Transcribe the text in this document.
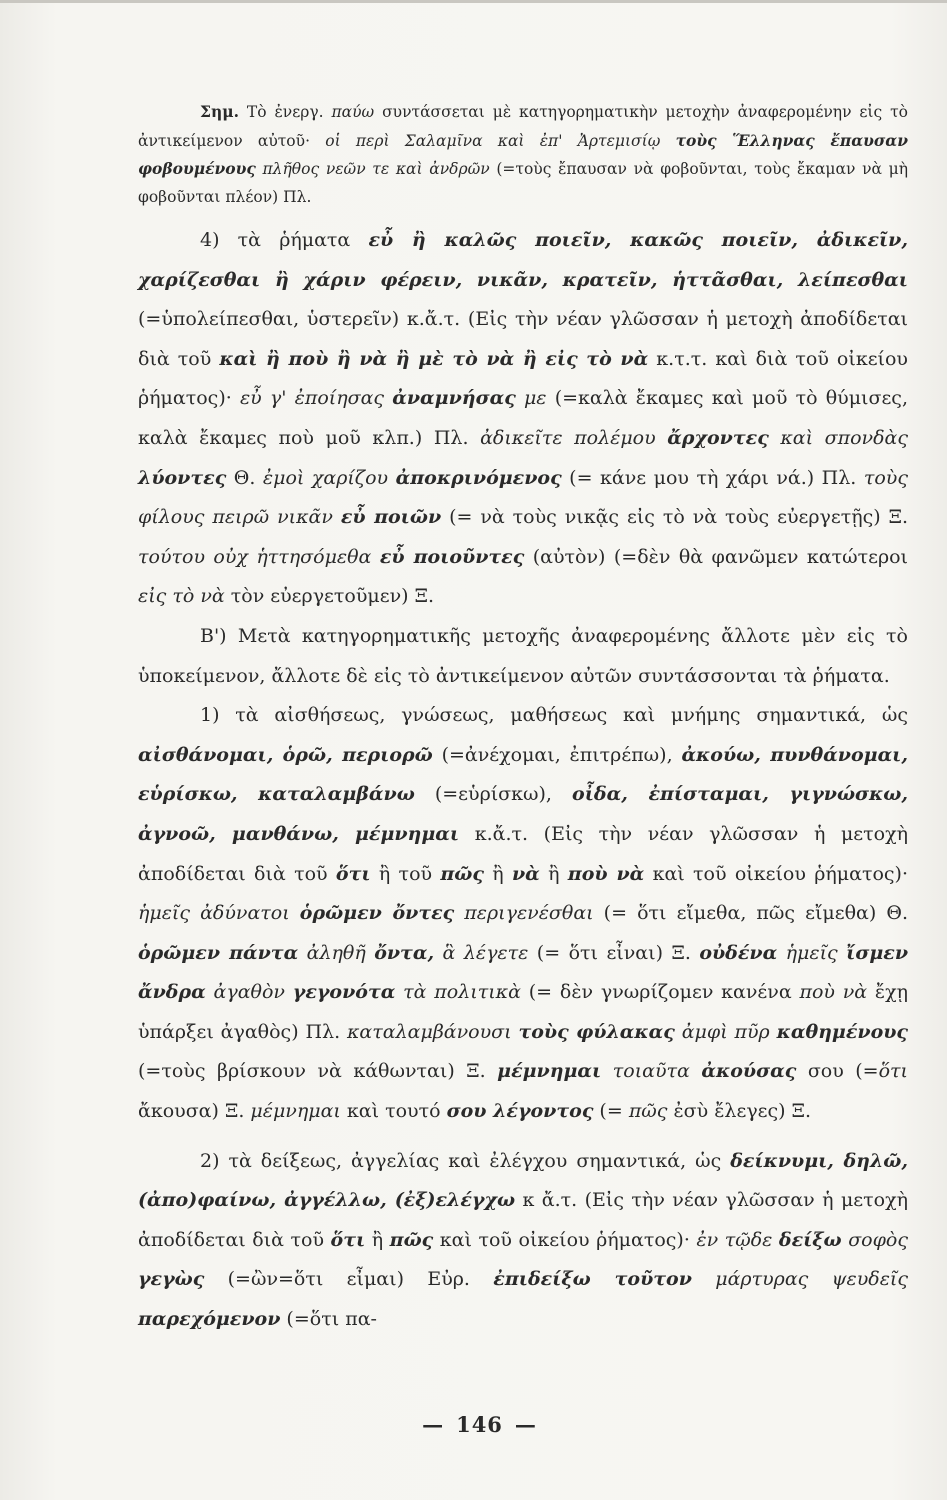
Σημ. Τὸ ἐνεργ. παύω συντάσσεται μὲ κατηγορηματικὴν μετοχὴν ἀναφερομένην εἰς τὸ ἀντικείμενον αὐτοῦ· οἱ περὶ Σαλαμῖνα καὶ ἐπ' Ἀρτεμισίῳ τοὺς Ἕλληνας ἔπαυσαν φοβουμένους πλῆθος νεῶν τε καὶ ἀνδρῶν (=τοὺς ἔπαυσαν νὰ φοβοῦνται, τοὺς ἔκαμαν νὰ μὴ φοβοῦνται πλέον) Πλ.

4) τὰ ῥήματα εὖ ἢ καλῶς ποιεῖν, κακῶς ποιεῖν, ἀδικεῖν, χαρίζεσθαι ἢ χάριν φέρειν, νικᾶν, κρατεῖν, ἡττᾶσθαι, λείπεσθαι (=ὑπολείπεσθαι, ὑστερεῖν) κ.ἄ.τ. (Εἰς τὴν νέαν γλῶσσαν ἡ μετοχὴ ἀποδίδεται διὰ τοῦ καὶ ἢ ποὺ ἢ νὰ ἢ μὲ τὸ νὰ ἢ εἰς τὸ νὰ κ.τ.τ. καὶ διὰ τοῦ οἰκείου ῥήματος)· εὖ γ' ἐποίησας ἀναμνήσας με (=καλὰ ἔκαμες καὶ μοῦ τὸ θύμισες, καλὰ ἔκαμες ποὺ μοῦ κλπ.) Πλ. ἀδικεῖτε πολέμου ἄρχοντες καὶ σπονδὰς λύοντες Θ. ἐμοὶ χαρίζου ἀποκρινόμενος (= κάνε μου τὴ χάρι νά.) Πλ. τοὺς φίλους πειρῶ νικᾶν εὖ ποιῶν (= νὰ τοὺς νικᾷς εἰς τὸ νὰ τοὺς εὐεργετῇς) Ξ. τούτου οὐχ ἡττησόμεθα εὖ ποιοῦντες (αὐτὸν) (=δὲν θὰ φανῶμεν κατώτεροι εἰς τὸ νὰ τὸν εὐεργετοῦμεν) Ξ.

Β') Μετὰ κατηγορηματικῆς μετοχῆς ἀναφερομένης ἄλλοτε μὲν εἰς τὸ ὑποκείμενον, ἄλλοτε δὲ εἰς τὸ ἀντικείμενον αὐτῶν συντάσσονται τὰ ῥήματα.

1) τὰ αἰσθήσεως, γνώσεως, μαθήσεως καὶ μνήμης σημαντικά, ὡς αἰσθάνομαι, ὁρῶ, περιορῶ (=ἀνέχομαι, ἐπιτρέπω), ἀκούω, πυνθάνομαι, εὑρίσκω, καταλαμβάνω (=εὑρίσκω), οἶδα, ἐπίσταμαι, γιγνώσκω, ἀγνοῶ, μανθάνω, μέμνημαι κ.ἄ.τ. (Εἰς τὴν νέαν γλῶσσαν ἡ μετοχὴ ἀποδίδεται διὰ τοῦ ὅτι ἢ τοῦ πῶς ἢ νὰ ἢ ποὺ νὰ καὶ τοῦ οἰκείου ῥήματος)· ἡμεῖς ἀδύνατοι ὁρῶμεν ὄντες περιγενέσθαι (= ὅτι εἴμεθα, πῶς εἴμεθα) Θ. ὁρῶμεν πάντα ἀληθῆ ὄντα, ἃ λέγετε (= ὅτι εἶναι) Ξ. οὐδένα ἡμεῖς ἴσμεν ἄνδρα ἀγαθὸν γεγονότα τὰ πολιτικὰ (= δὲν γνωρίζομεν κανένα ποὺ νὰ ἔχῃ ὑπάρξει ἀγαθὸς) Πλ. καταλαμβάνουσι τοὺς φύλακας ἀμφὶ πῦρ καθημένους (=τοὺς βρίσκουν νὰ κάθωνται) Ξ. μέμνημαι τοιαῦτα ἀκούσας σου (=ὅτι ἄκουσα) Ξ. μέμνημαι καὶ τουτό σου λέγοντος (= πῶς ἐσὺ ἔλεγες) Ξ.

2) τὰ δείξεως, ἀγγελίας καὶ ἐλέγχου σημαντικά, ὡς δείκνυμι, δηλῶ, (ἀπο)φαίνω, ἀγγέλλω, (ἐξ)ελέγχω κ ἄ.τ. (Εἰς τὴν νέαν γλῶσσαν ἡ μετοχὴ ἀποδίδεται διὰ τοῦ ὅτι ἢ πῶς καὶ τοῦ οἰκείου ῥήματος)· ἐν τῷδε δείξω σοφὸς γεγὼς (=ὢν=ὅτι εἶμαι) Εὐρ. ἐπιδείξω τοῦτον μάρτυρας ψευδεῖς παρεχόμενον (=ὅτι πα-

— 146 —
